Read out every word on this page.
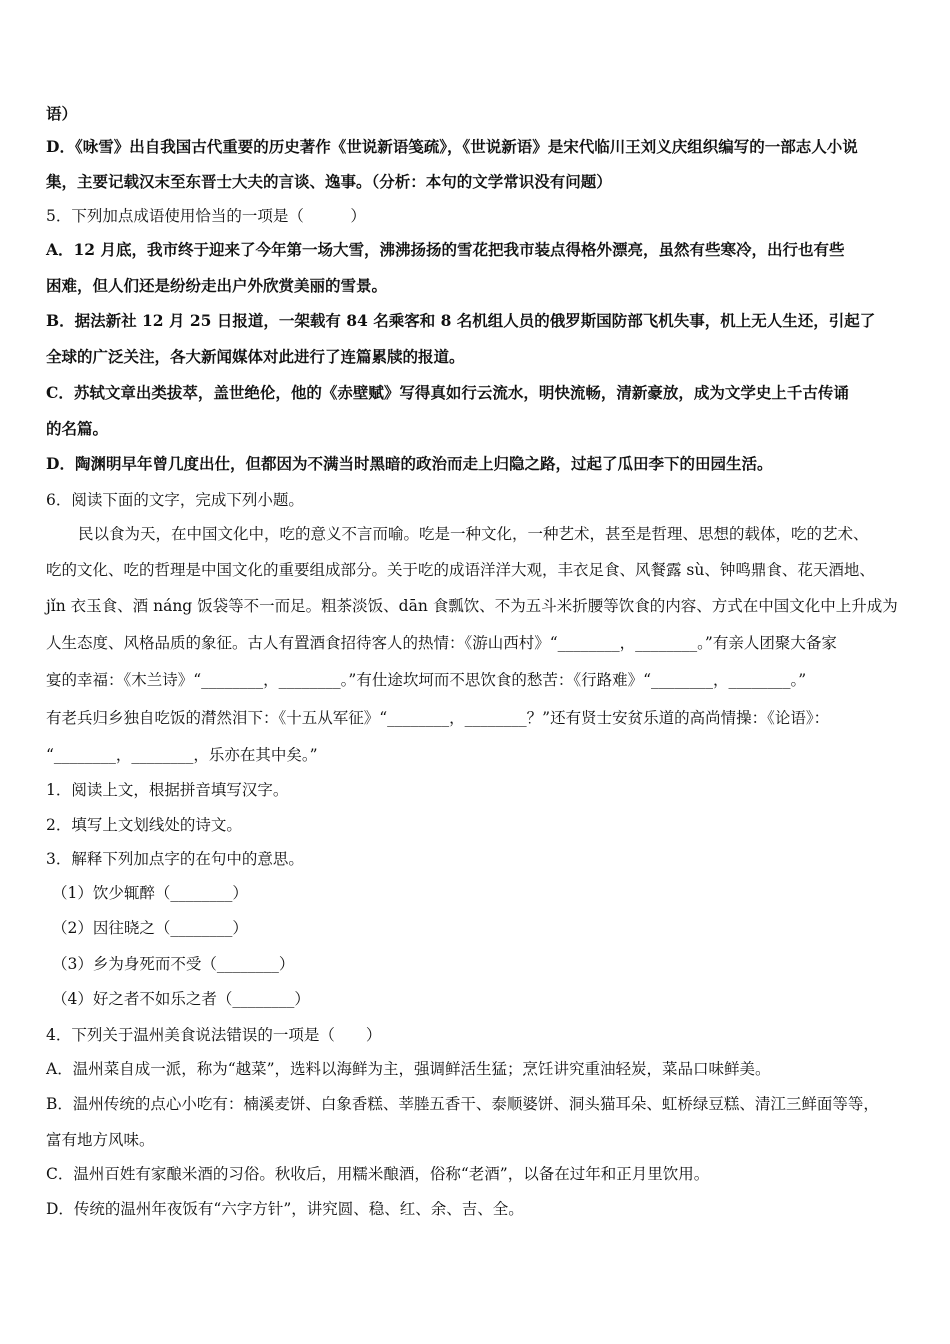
语）
D．《咏雪》出自我国古代重要的历史著作《世说新语笺疏》，《世说新语》是宋代临川王刘义庆组织编写的一部志人小说
集，主要记载汉末至东晋士大夫的言谈、逸事。（分析：本句的文学常识没有问题）
5．下列加点成语使用恰当的一项是（　　　）
A．12 月底，我市终于迎来了今年第一场大雪，沸沸扬扬的雪花把我市装点得格外漂亮，虽然有些寒冷，出行也有些
困难，但人们还是纷纷走出户外欣赏美丽的雪景。
B．据法新社 12 月 25 日报道，一架载有 84 名乘客和 8 名机组人员的俄罗斯国防部飞机失事，机上无人生还，引起了
全球的广泛关注，各大新闻媒体对此进行了连篇累牍的报道。
C．苏轼文章出类拔萃，盖世绝伦，他的《赤壁赋》写得真如行云流水，明快流畅，清新豪放，成为文学史上千古传诵
的名篇。
D．陶渊明早年曾几度出仕，但都因为不满当时黑暗的政治而走上归隐之路，过起了瓜田李下的田园生活。
6．阅读下面的文字，完成下列小题。
民以食为天，在中国文化中，吃的意义不言而喻。吃是一种文化，一种艺术，甚至是哲理、思想的载体，吃的艺术、
吃的文化、吃的哲理是中国文化的重要组成部分。关于吃的成语洋洋大观，丰衣足食、风餐露 sù、钟鸣鼎食、花天酒地、
jǐn 衣玉食、酒 náng 饭袋等不一而足。粗茶淡饭、dān 食瓢饮、不为五斗米折腰等饮食的内容、方式在中国文化中上升成为
人生态度、风格品质的象征。古人有置酒食招待客人的热情：《游山西村》“________，________。”有亲人团聚大备家
宴的幸福：《木兰诗》“________，________。”有仕途坎坷而不思饮食的愁苦：《行路难》“________，________。”
有老兵归乡独自吃饭的潸然泪下：《十五从军征》“________，________？”还有贤士安贫乐道的高尚情操：《论语》：
“________，________，乐亦在其中矣。”
1．阅读上文，根据拼音填写汉字。
2．填写上文划线处的诗文。
3．解释下列加点字的在句中的意思。
（1）饮少辄醉（________）
（2）因往晓之（________）
（3）乡为身死而不受（________）
（4）好之者不如乐之者（________）
4．下列关于温州美食说法错误的一项是（　　）
A．温州菜自成一派，称为“越菜”，选料以海鲜为主，强调鲜活生猛；烹饪讲究重油轻炭，菜品口味鲜美。
B．温州传统的点心小吃有：楠溪麦饼、白象香糕、莘塍五香干、泰顺婆饼、洞头猫耳朵、虹桥绿豆糕、清江三鲜面等等，
富有地方风味。
C．温州百姓有家酿米酒的习俗。秋收后，用糯米酿酒，俗称“老酒”，以备在过年和正月里饮用。
D．传统的温州年夜饭有“六字方针”，讲究圆、稳、红、余、吉、全。
